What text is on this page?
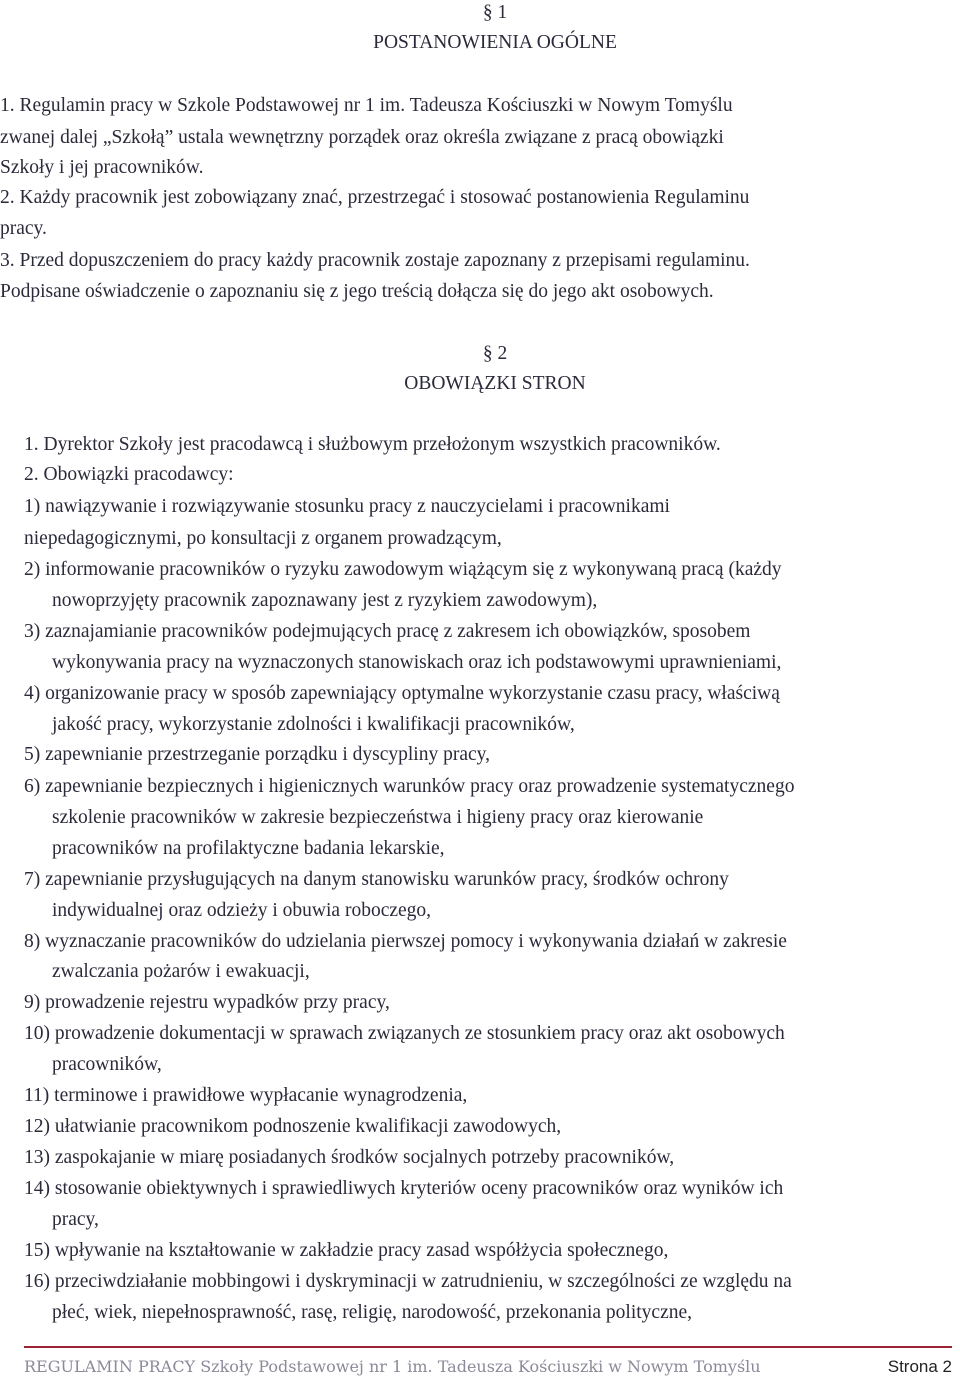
§ 1
POSTANOWIENIA OGÓLNE
1. Regulamin pracy w Szkole Podstawowej nr 1 im. Tadeusza Kościuszki w Nowym Tomyślu
zwanej dalej „Szkołą” ustala wewnętrzny porządek oraz określa związane z pracą obowiązki
Szkoły i jej pracowników.
2. Każdy pracownik jest zobowiązany znać, przestrzegać i stosować postanowienia Regulaminu
pracy.
3. Przed dopuszczeniem do pracy każdy pracownik zostaje zapoznany z przepisami regulaminu.
Podpisane oświadczenie o zapoznaniu się z jego treścią dołącza się do jego akt osobowych.
§ 2
OBOWIĄZKI STRON
1. Dyrektor Szkoły jest pracodawcą i służbowym przełożonym wszystkich pracowników.
2. Obowiązki pracodawcy:
1) nawiązywanie i rozwiązywanie stosunku pracy z nauczycielami i pracownikami
niepedagogicznymi, po konsultacji z organem prowadzącym,
2) informowanie pracowników o ryzyku zawodowym wiążącym się z wykonywaną pracą (każdy
nowoprzyjęty pracownik zapoznawany jest z ryzykiem zawodowym),
3) zaznajamianie pracowników podejmujących pracę z zakresem ich obowiązków, sposobem
wykonywania pracy na wyznaczonych stanowiskach oraz ich podstawowymi uprawnieniami,
4) organizowanie pracy w sposób zapewniający optymalne wykorzystanie czasu pracy, właściwą
jakość pracy, wykorzystanie zdolności i kwalifikacji pracowników,
5) zapewnianie przestrzeganie porządku i dyscypliny pracy,
6) zapewnianie bezpiecznych i higienicznych warunków pracy oraz prowadzenie systematycznego
szkolenie pracowników w zakresie bezpieczeństwa i higieny pracy oraz kierowanie
pracowników na profilaktyczne badania lekarskie,
7) zapewnianie przysługujących na danym stanowisku warunków pracy, środków ochrony
indywidualnej oraz odzieży i obuwia roboczego,
8) wyznaczanie pracowników do udzielania pierwszej pomocy i wykonywania działań w zakresie
zwalczania pożarów i ewakuacji,
9) prowadzenie rejestru wypadków przy pracy,
10) prowadzenie dokumentacji w sprawach związanych ze stosunkiem pracy oraz akt osobowych
pracowników,
11) terminowe i prawidłowe wypłacanie wynagrodzenia,
12) ułatwianie pracownikom podnoszenie kwalifikacji zawodowych,
13) zaspokajanie w miarę posiadanych środków socjalnych potrzeby pracowników,
14) stosowanie obiektywnych i sprawiedliwych kryteriów oceny pracowników oraz wyników ich
pracy,
15) wpływanie na kształtowanie w zakładzie pracy zasad współżycia społecznego,
16) przeciwdziałanie mobbingowi i dyskryminacji w zatrudnieniu, w szczególności ze względu na
płeć, wiek, niepełnosprawność, rasę, religię, narodowość, przekonania polityczne,
REGULAMIN PRACY Szkoły Podstawowej nr 1 im. Tadeusza Kościuszki w Nowym Tomyślu	Strona 2
